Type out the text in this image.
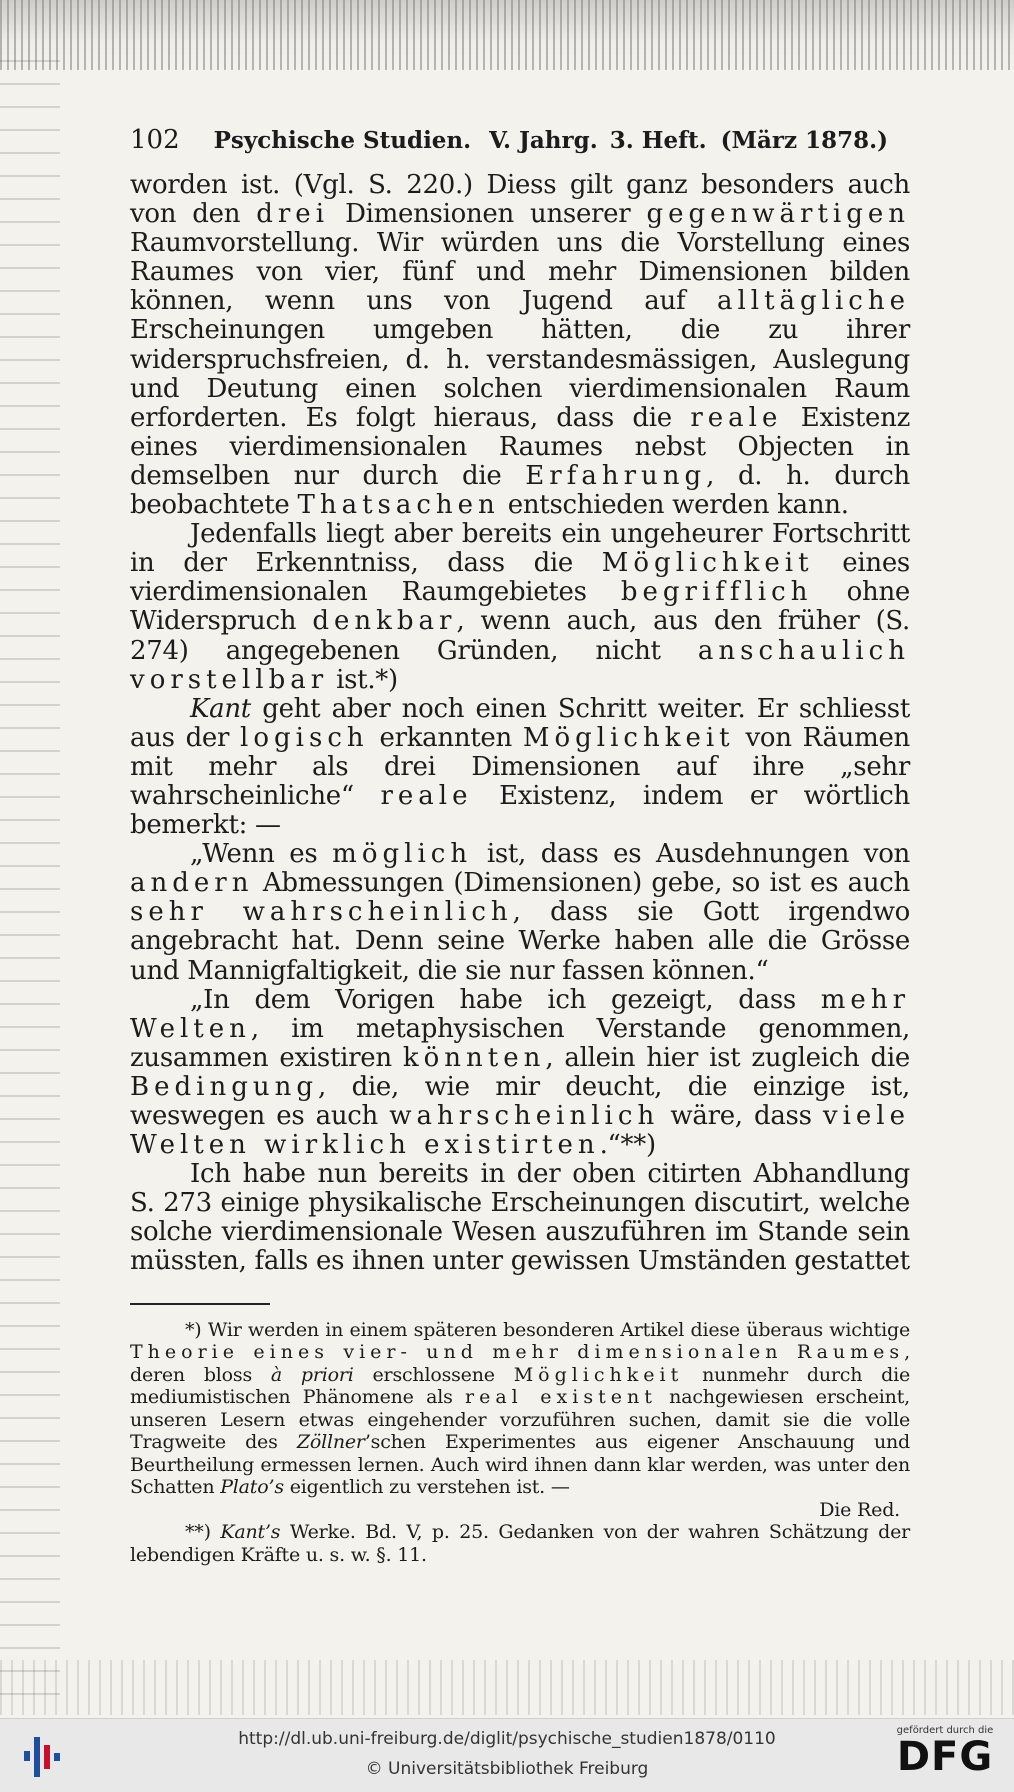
102 Psychische Studien. V. Jahrg. 3. Heft. (März 1878.)

worden ist. (Vgl. S. 220.) Diess gilt ganz besonders auch von den drei Dimensionen unserer gegenwärtigen Raumvorstellung. Wir würden uns die Vorstellung eines Raumes von vier, fünf und mehr Dimensionen bilden können, wenn uns von Jugend auf alltägliche Erscheinungen umgeben hätten, die zu ihrer widerspruchsfreien, d. h. verstandesmässigen, Auslegung und Deutung einen solchen vierdimensionalen Raum erforderten. Es folgt hieraus, dass die reale Existenz eines vierdimensionalen Raumes nebst Objecten in demselben nur durch die Erfahrung, d. h. durch beobachtete Thatsachen entschieden werden kann.

Jedenfalls liegt aber bereits ein ungeheurer Fortschritt in der Erkenntniss, dass die Möglichkeit eines vierdimensionalen Raumgebietes begrifflich ohne Widerspruch denkbar, wenn auch, aus den früher (S. 274) angegebenen Gründen, nicht anschaulich vorstellbar ist.*)

Kant geht aber noch einen Schritt weiter. Er schliesst aus der logisch erkannten Möglichkeit von Räumen mit mehr als drei Dimensionen auf ihre „sehr wahrscheinliche“ reale Existenz, indem er wörtlich bemerkt: —

„Wenn es möglich ist, dass es Ausdehnungen von andern Abmessungen (Dimensionen) gebe, so ist es auch sehr wahrscheinlich, dass sie Gott irgendwo angebracht hat. Denn seine Werke haben alle die Grösse und Mannigfaltigkeit, die sie nur fassen können.“

„In dem Vorigen habe ich gezeigt, dass mehr Welten, im metaphysischen Verstande genommen, zusammen existiren könnten, allein hier ist zugleich die Bedingung, die, wie mir deucht, die einzige ist, weswegen es auch wahrscheinlich wäre, dass viele Welten wirklich existirten.“**)

Ich habe nun bereits in der oben citirten Abhandlung S. 273 einige physikalische Erscheinungen discutirt, welche solche vierdimensionale Wesen auszuführen im Stande sein müssten, falls es ihnen unter gewissen Umständen gestattet

*) Wir werden in einem späteren besonderen Artikel diese überaus wichtige Theorie eines vier- und mehr dimensionalen Raumes, deren bloss à priori erschlossene Möglichkeit nunmehr durch die mediumistischen Phänomene als real existent nachgewiesen erscheint, unseren Lesern etwas eingehender vorzuführen suchen, damit sie die volle Tragweite des Zöllner’schen Experimentes aus eigener Anschauung und Beurtheilung ermessen lernen. Auch wird ihnen dann klar werden, was unter den Schatten Plato’s eigentlich zu verstehen ist. —

Die Red.

**) Kant’s Werke. Bd. V, p. 25. Gedanken von der wahren Schätzung der lebendigen Kräfte u. s. w. §. 11.

http://dl.ub.uni-freiburg.de/diglit/psychische_studien1878/0110
© Universitätsbibliothek Freiburg
gefördert durch die
DFG
